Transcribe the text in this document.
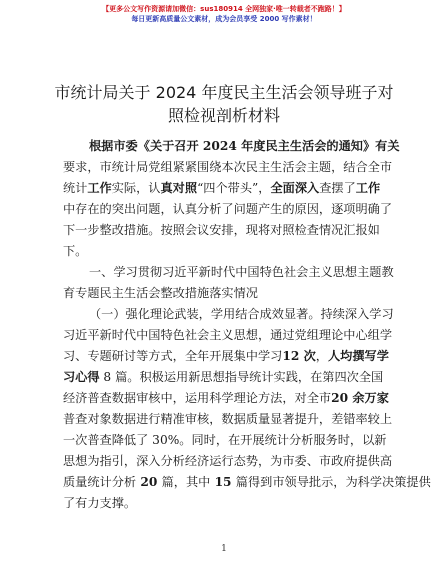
【更多公文写作资源请加微信：sus180914 全网独家·唯一转载者不跑路！】
每日更新高质量公文素材，成为会员享受 2000 写作素材！
市统计局关于 2024 年度民主生活会领导班子对
照检视剖析材料
根据市委《关于召开 2024 年度民主生活会的通知》有关
要求，市统计局党组紧紧围绕本次民主生活会主题，结合全市
统计工作实际，认真对照“四个带头”，全面深入查摆了工作
中存在的突出问题，认真分析了问题产生的原因，逐项明确了
下一步整改措施。按照会议安排，现将对照检查情况汇报如
下。
一、学习贯彻习近平新时代中国特色社会主义思想主题教
育专题民主生活会整改措施落实情况
（一）强化理论武装，学用结合成效显著。持续深入学习
习近平新时代中国特色社会主义思想，通过党组理论中心组学
习、专题研讨等方式，全年开展集中学习12 次，人均撰写学
习心得 8 篇。积极运用新思想指导统计实践，在第四次全国
经济普查数据审核中，运用科学理论方法，对全市20 余万家
普查对象数据进行精准审核，数据质量显著提升，差错率较上
一次普查降低了 30%。同时，在开展统计分析服务时，以新
思想为指引，深入分析经济运行态势，为市委、市政府提供高
质量统计分析 20 篇，其中 15 篇得到市领导批示，为科学决策提供
了有力支撑。
1
